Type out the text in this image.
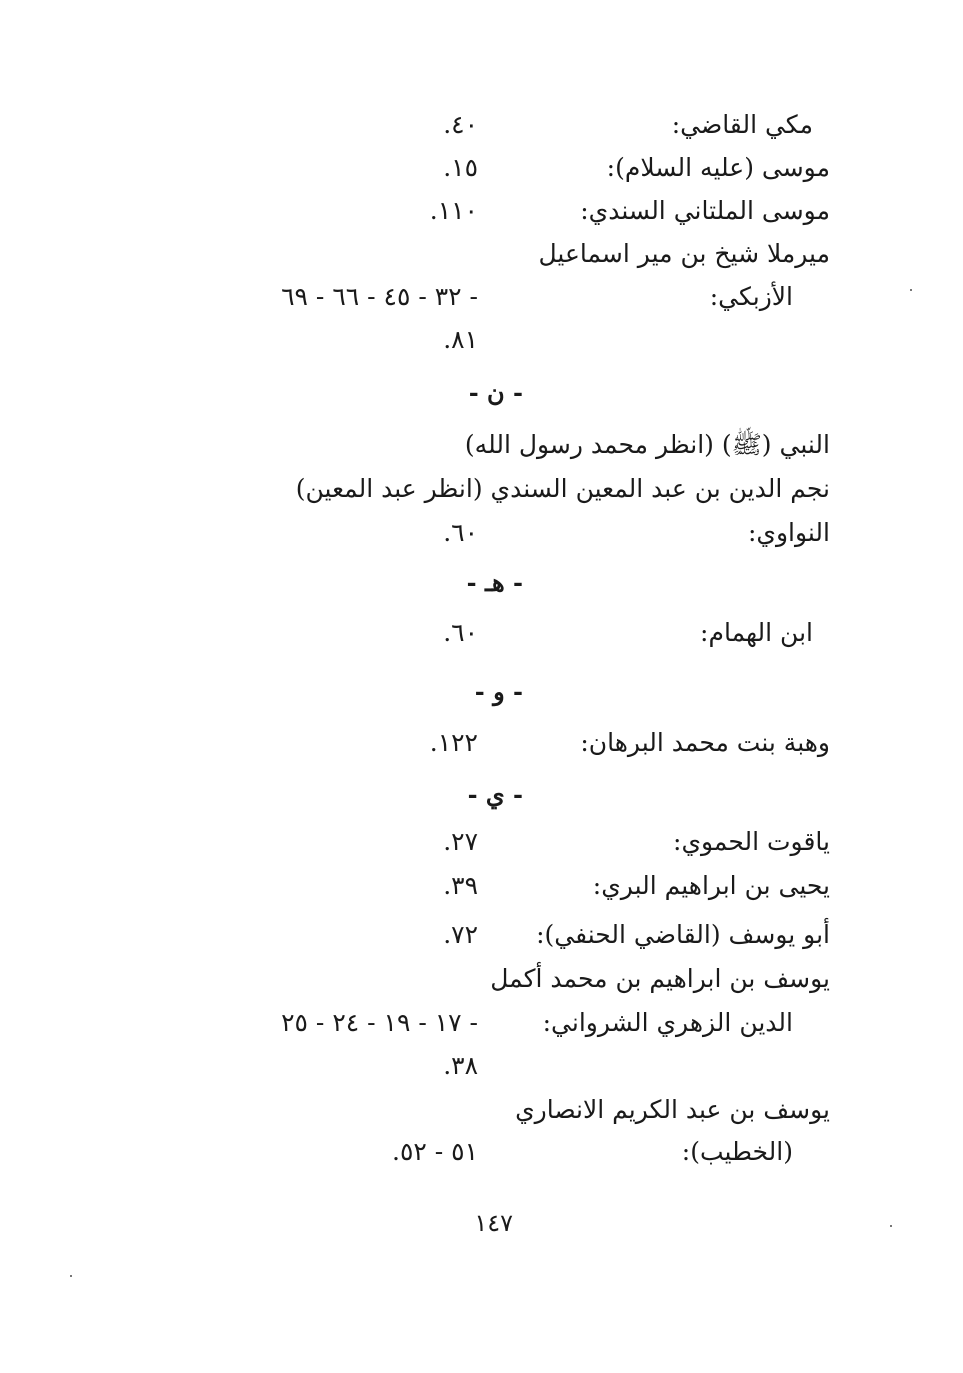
مكي القاضي:
.٤٠
موسى (عليه السلام):
.١٥
موسى الملتاني السندي:
.١١٠
ميرملا شيخ بن مير اسماعيل
الأزبكي:
٣٢ - ٤٥ - ٦٦ - ٦٩ -
.٨١
- ن -
النبي (ﷺ) (انظر محمد رسول الله)
نجم الدين بن عبد المعين السندي (انظر عبد المعين)
النواوي:
.٦٠
- هـ -
ابن الهمام:
.٦٠
- و -
وهبة بنت محمد البرهان:
.١٢٢
- ي -
ياقوت الحموي:
.٢٧
يحيى بن ابراهيم البري:
.٣٩
أبو يوسف (القاضي الحنفي):
.٧٢
يوسف بن ابراهيم بن محمد أكمل
الدين الزهري الشرواني:
١٧ - ١٩ - ٢٤ - ٢٥ -
.٣٨
يوسف بن عبد الكريم الانصاري
(الخطيب):
.٥١ - ٥٢
١٤٧
